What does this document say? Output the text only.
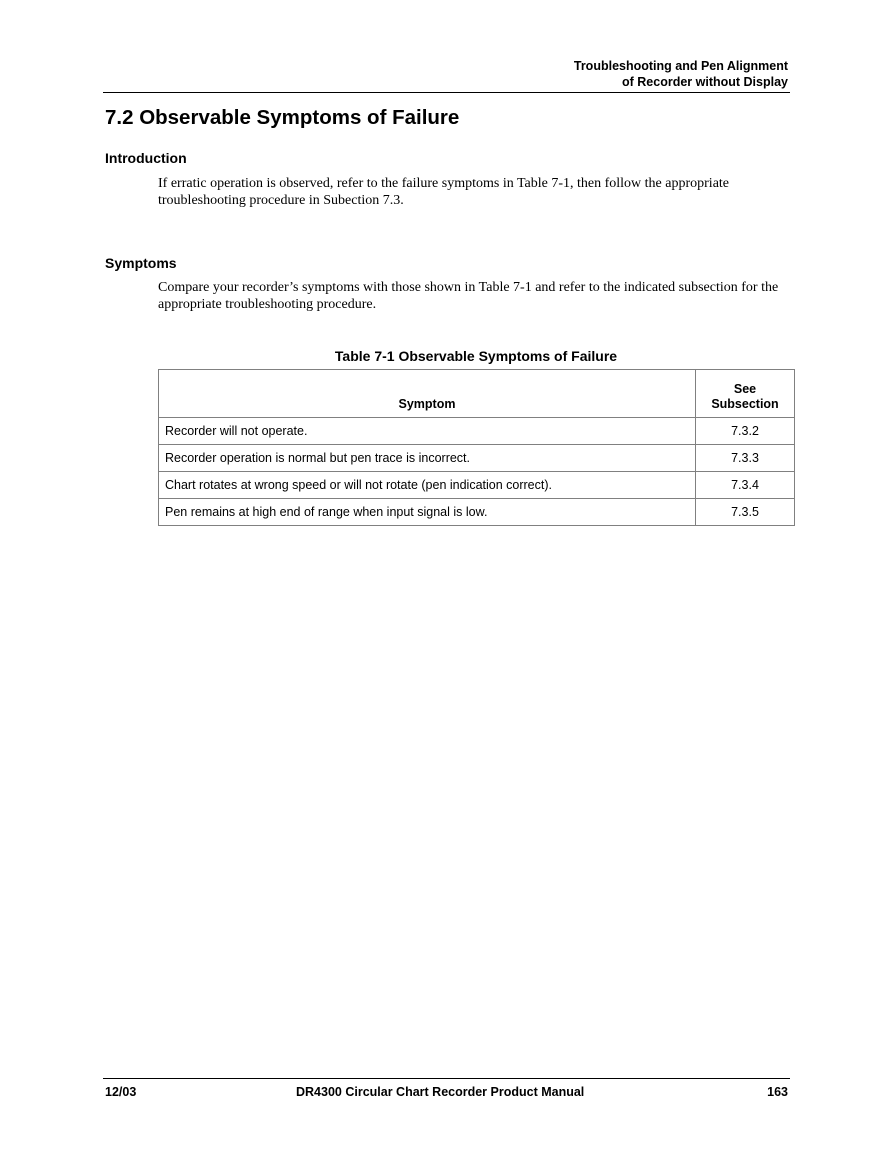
Troubleshooting and Pen Alignment
of Recorder without Display
7.2 Observable Symptoms of Failure
Introduction

If erratic operation is observed, refer to the failure symptoms in Table 7-1, then follow the appropriate troubleshooting procedure in Subection 7.3.

Symptoms

Compare your recorder’s symptoms with those shown in Table 7-1 and refer to the indicated subsection for the appropriate troubleshooting procedure.

Table 7-1 Observable Symptoms of Failure
Symptom	See
Subsection

Recorder will not operate.	7.3.2
Recorder operation is normal but pen trace is incorrect.	7.3.3
Chart rotates at wrong speed or will not rotate (pen indication correct).	7.3.4
Pen remains at high end of range when input signal is low.	7.3.5
12/03	DR4300 Circular Chart Recorder Product Manual	163
